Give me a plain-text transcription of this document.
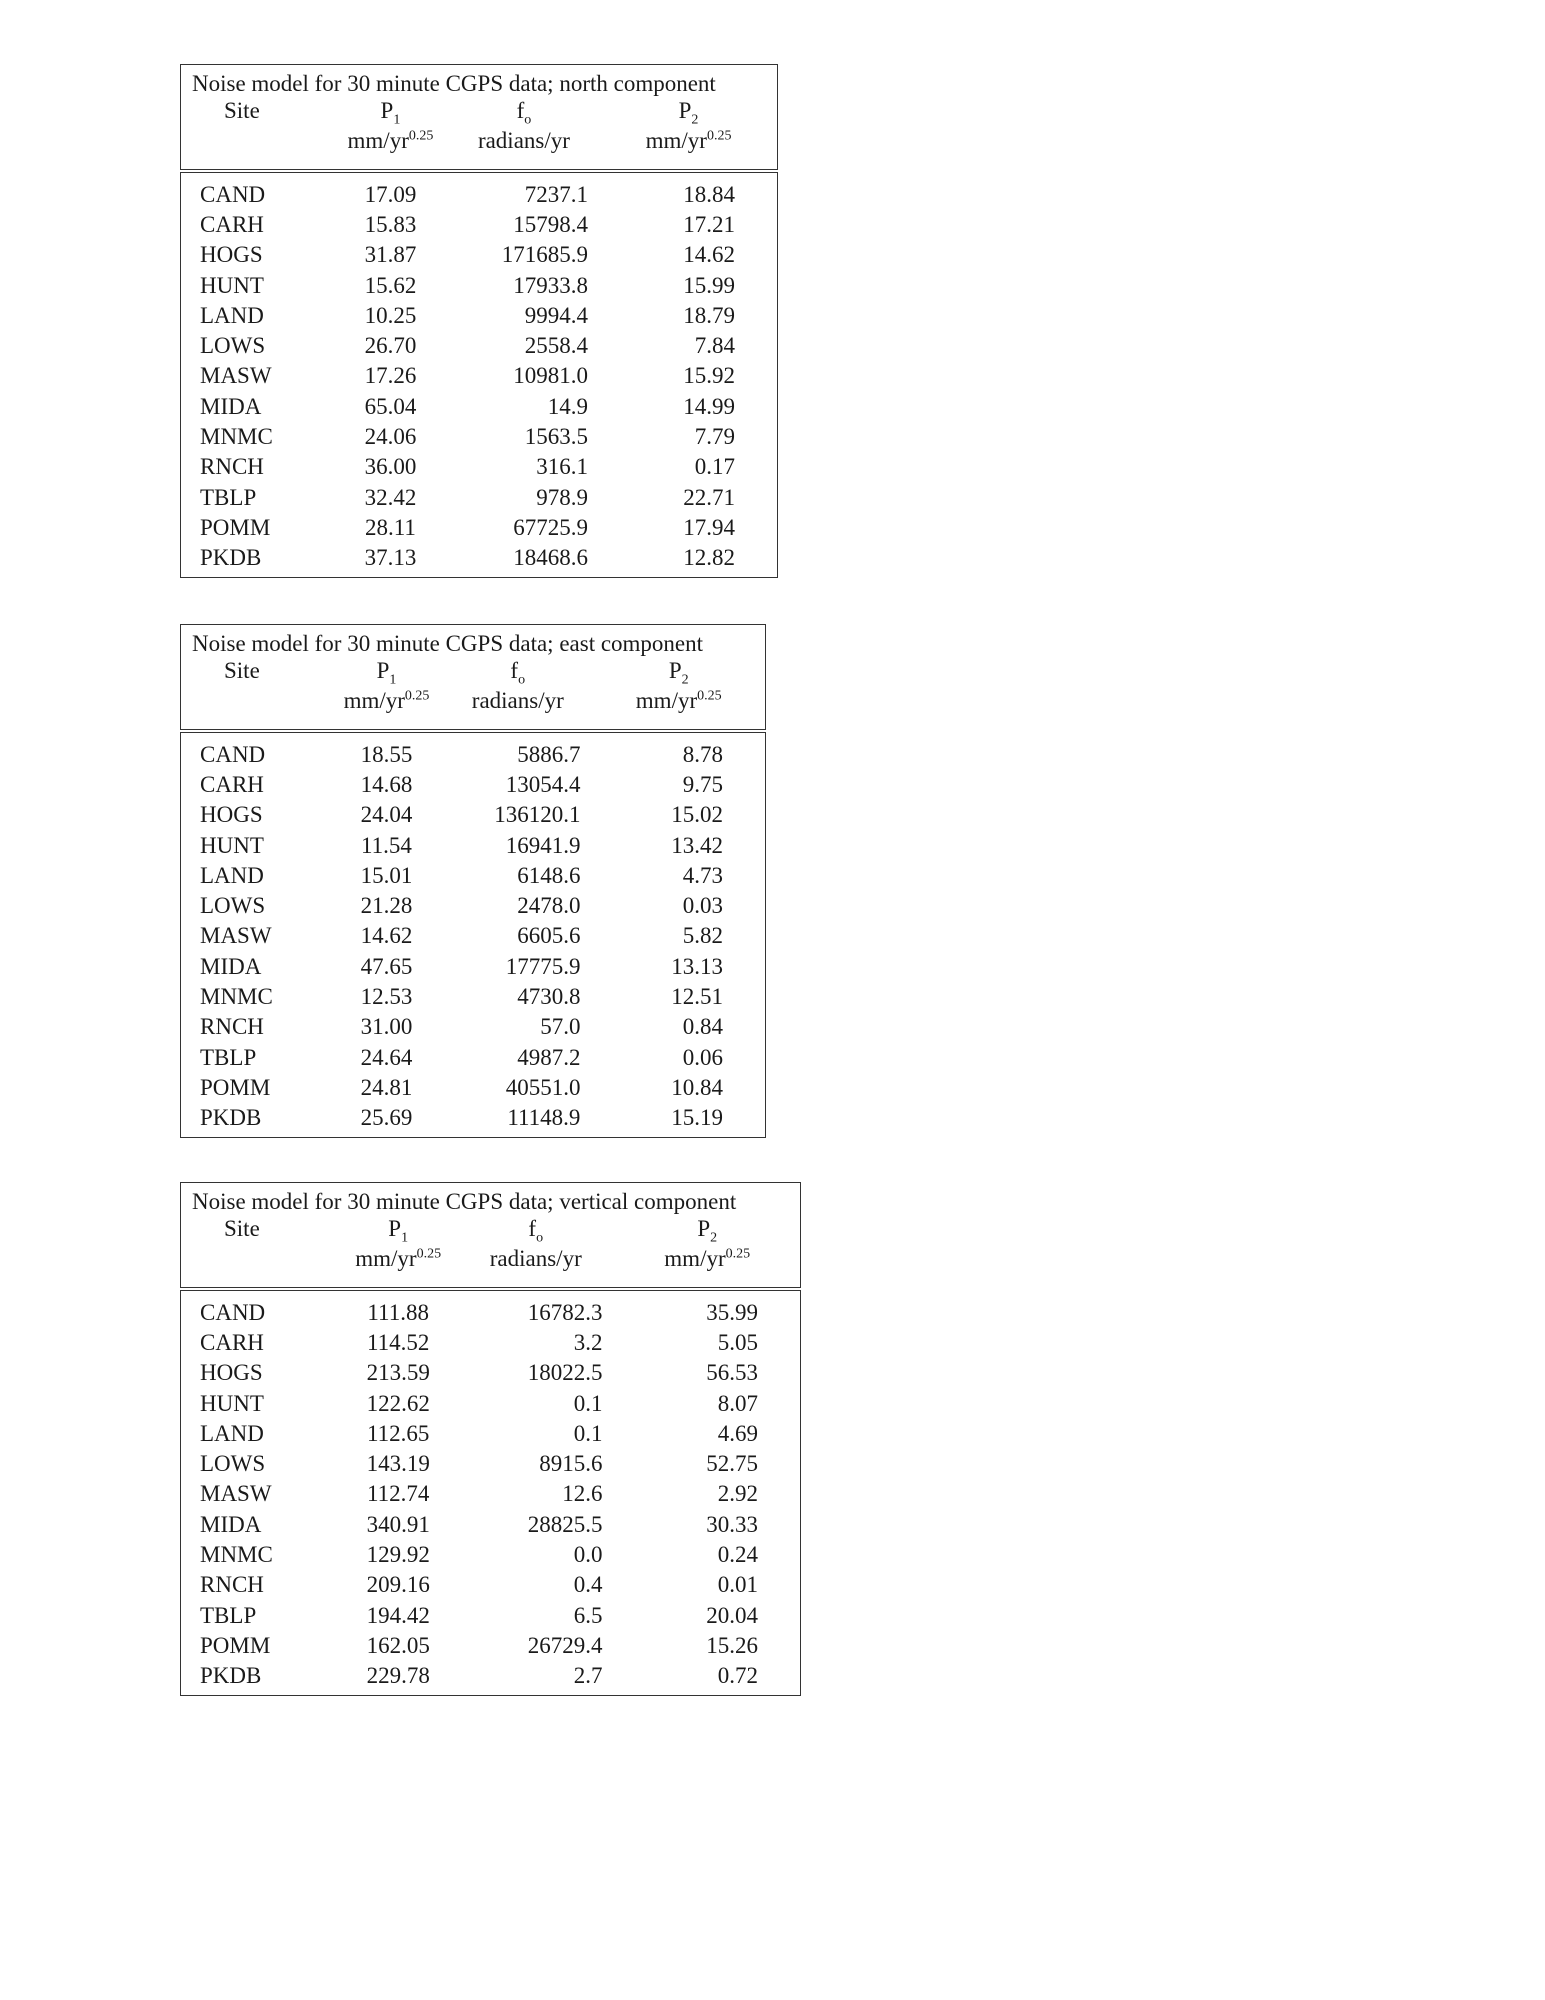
Noise model for 30 minute CGPS data; north component			
Site	$P_1$	$f_o$	$P_2$
	$mm/yr^{0.25}$	radians/yr	$mm/yr^{0.25}$
CAND	17.09	7237.1	18.84
CARH	15.83	15798.4	17.21
HOGS	31.87	171685.9	14.62
HUNT	15.62	17933.8	15.99
LAND	10.25	9994.4	18.79
LOWS	26.70	2558.4	7.84
MASW	17.26	10981.0	15.92
MIDA	65.04	14.9	14.99
MNMC	24.06	1563.5	7.79
RNCH	36.00	316.1	0.17
TBLP	32.42	978.9	22.71
POMM	28.11	67725.9	17.94
PKDB	37.13	18468.6	12.82
Noise model for 30 minute CGPS data; east component			
Site	$P_1$	$f_o$	$P_2$
	$mm/yr^{0.25}$	radians/yr	$mm/yr^{0.25}$
CAND	18.55	5886.7	8.78
CARH	14.68	13054.4	9.75
HOGS	24.04	136120.1	15.02
HUNT	11.54	16941.9	13.42
LAND	15.01	6148.6	4.73
LOWS	21.28	2478.0	0.03
MASW	14.62	6605.6	5.82
MIDA	47.65	17775.9	13.13
MNMC	12.53	4730.8	12.51
RNCH	31.00	57.0	0.84
TBLP	24.64	4987.2	0.06
POMM	24.81	40551.0	10.84
PKDB	25.69	11148.9	15.19
Noise model for 30 minute CGPS data; vertical component			
Site	$P_1$	$f_o$	$P_2$
	$mm/yr^{0.25}$	radians/yr	$mm/yr^{0.25}$
CAND	111.88	16782.3	35.99
CARH	114.52	3.2	5.05
HOGS	213.59	18022.5	56.53
HUNT	122.62	0.1	8.07
LAND	112.65	0.1	4.69
LOWS	143.19	8915.6	52.75
MASW	112.74	12.6	2.92
MIDA	340.91	28825.5	30.33
MNMC	129.92	0.0	0.24
RNCH	209.16	0.4	0.01
TBLP	194.42	6.5	20.04
POMM	162.05	26729.4	15.26
PKDB	229.78	2.7	0.72
